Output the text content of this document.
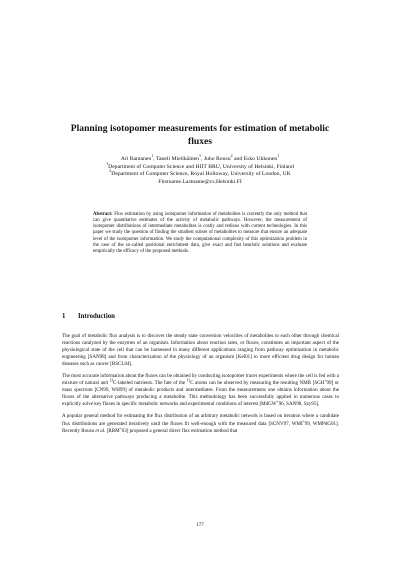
Planning isotopomer measurements for estimation of metabolic fluxes
Ari Rantanen$^1$, Taneli Mielikäinen$^1$, Juho Rousu$^2$ and Esko Ukkonen$^1$
$^1$Department of Computer Science and HIIT BRU, University of Helsinki, Finland
$^2$Department of Computer Science, Royal Holloway, University of London, UK
Firstname.Lastname@cs.Helsinki.FI
Abstract: Flux estimation by using isotopomer information of metabolites is currently the only method that can give quantitative estimates of the activity of metabolic pathways. However, the measurement of isotopomer distributions of intermediate metabolites is costly and tedious with current technologies. In this paper we study the question of finding the smallest subset of metabolites to measure that ensure an adequate level of the isotopomer information. We study the computational complexity of this optimization problem in the case of the so-called positional enrichment data, give exact and fast heuristic solutions and evaluate empirically the efficacy of the proposed methods.
1 Introduction

The goal of metabolic flux analysis is to discover the steady state conversion velocities of metabolites to each other through chemical reactions catalyzed by the enzymes of an organism. Information about reaction rates, or fluxes, constitutes an important aspect of the physiological state of the cell that can be harnessed in many different applications ranging from pathway optimization in metabolic engineering [SAN98] and from characterization of the physiology of an organism [Kel01] to more efficient drug design for human diseases such as cancer [BSCL04].

The most accurate information about the fluxes can be obtained by conducting isotopomer tracer experiments where the cell is fed with a mixture of natural and $^{13}$C-labeled nutrients. The fate of the $^{13}$C atoms can be observed by measuring the resulting NMR [SGH+99] or mass spectrum [CN99, WH99] of metabolic products and intermediates. From the measurements one obtains information about the fluxes of the alternative pathways producing a metabolite. This methodology has been successfully applied in numerous cases to explicitly solve key fluxes in specific metabolic networks and experimental conditions of interest [MdGW+96, SAN98, Szy95].

A popular general method for estimating the flux distribution of an arbitrary metabolic network is based on iteration where a candidate flux distributions are generated iteratively until the fluxes fit well-enough with the measured data [SCNV97, WMI+99, WMPdG01]. Recently Rousu et al. [RRM+03] proposed a general direct flux estimation method that

177
